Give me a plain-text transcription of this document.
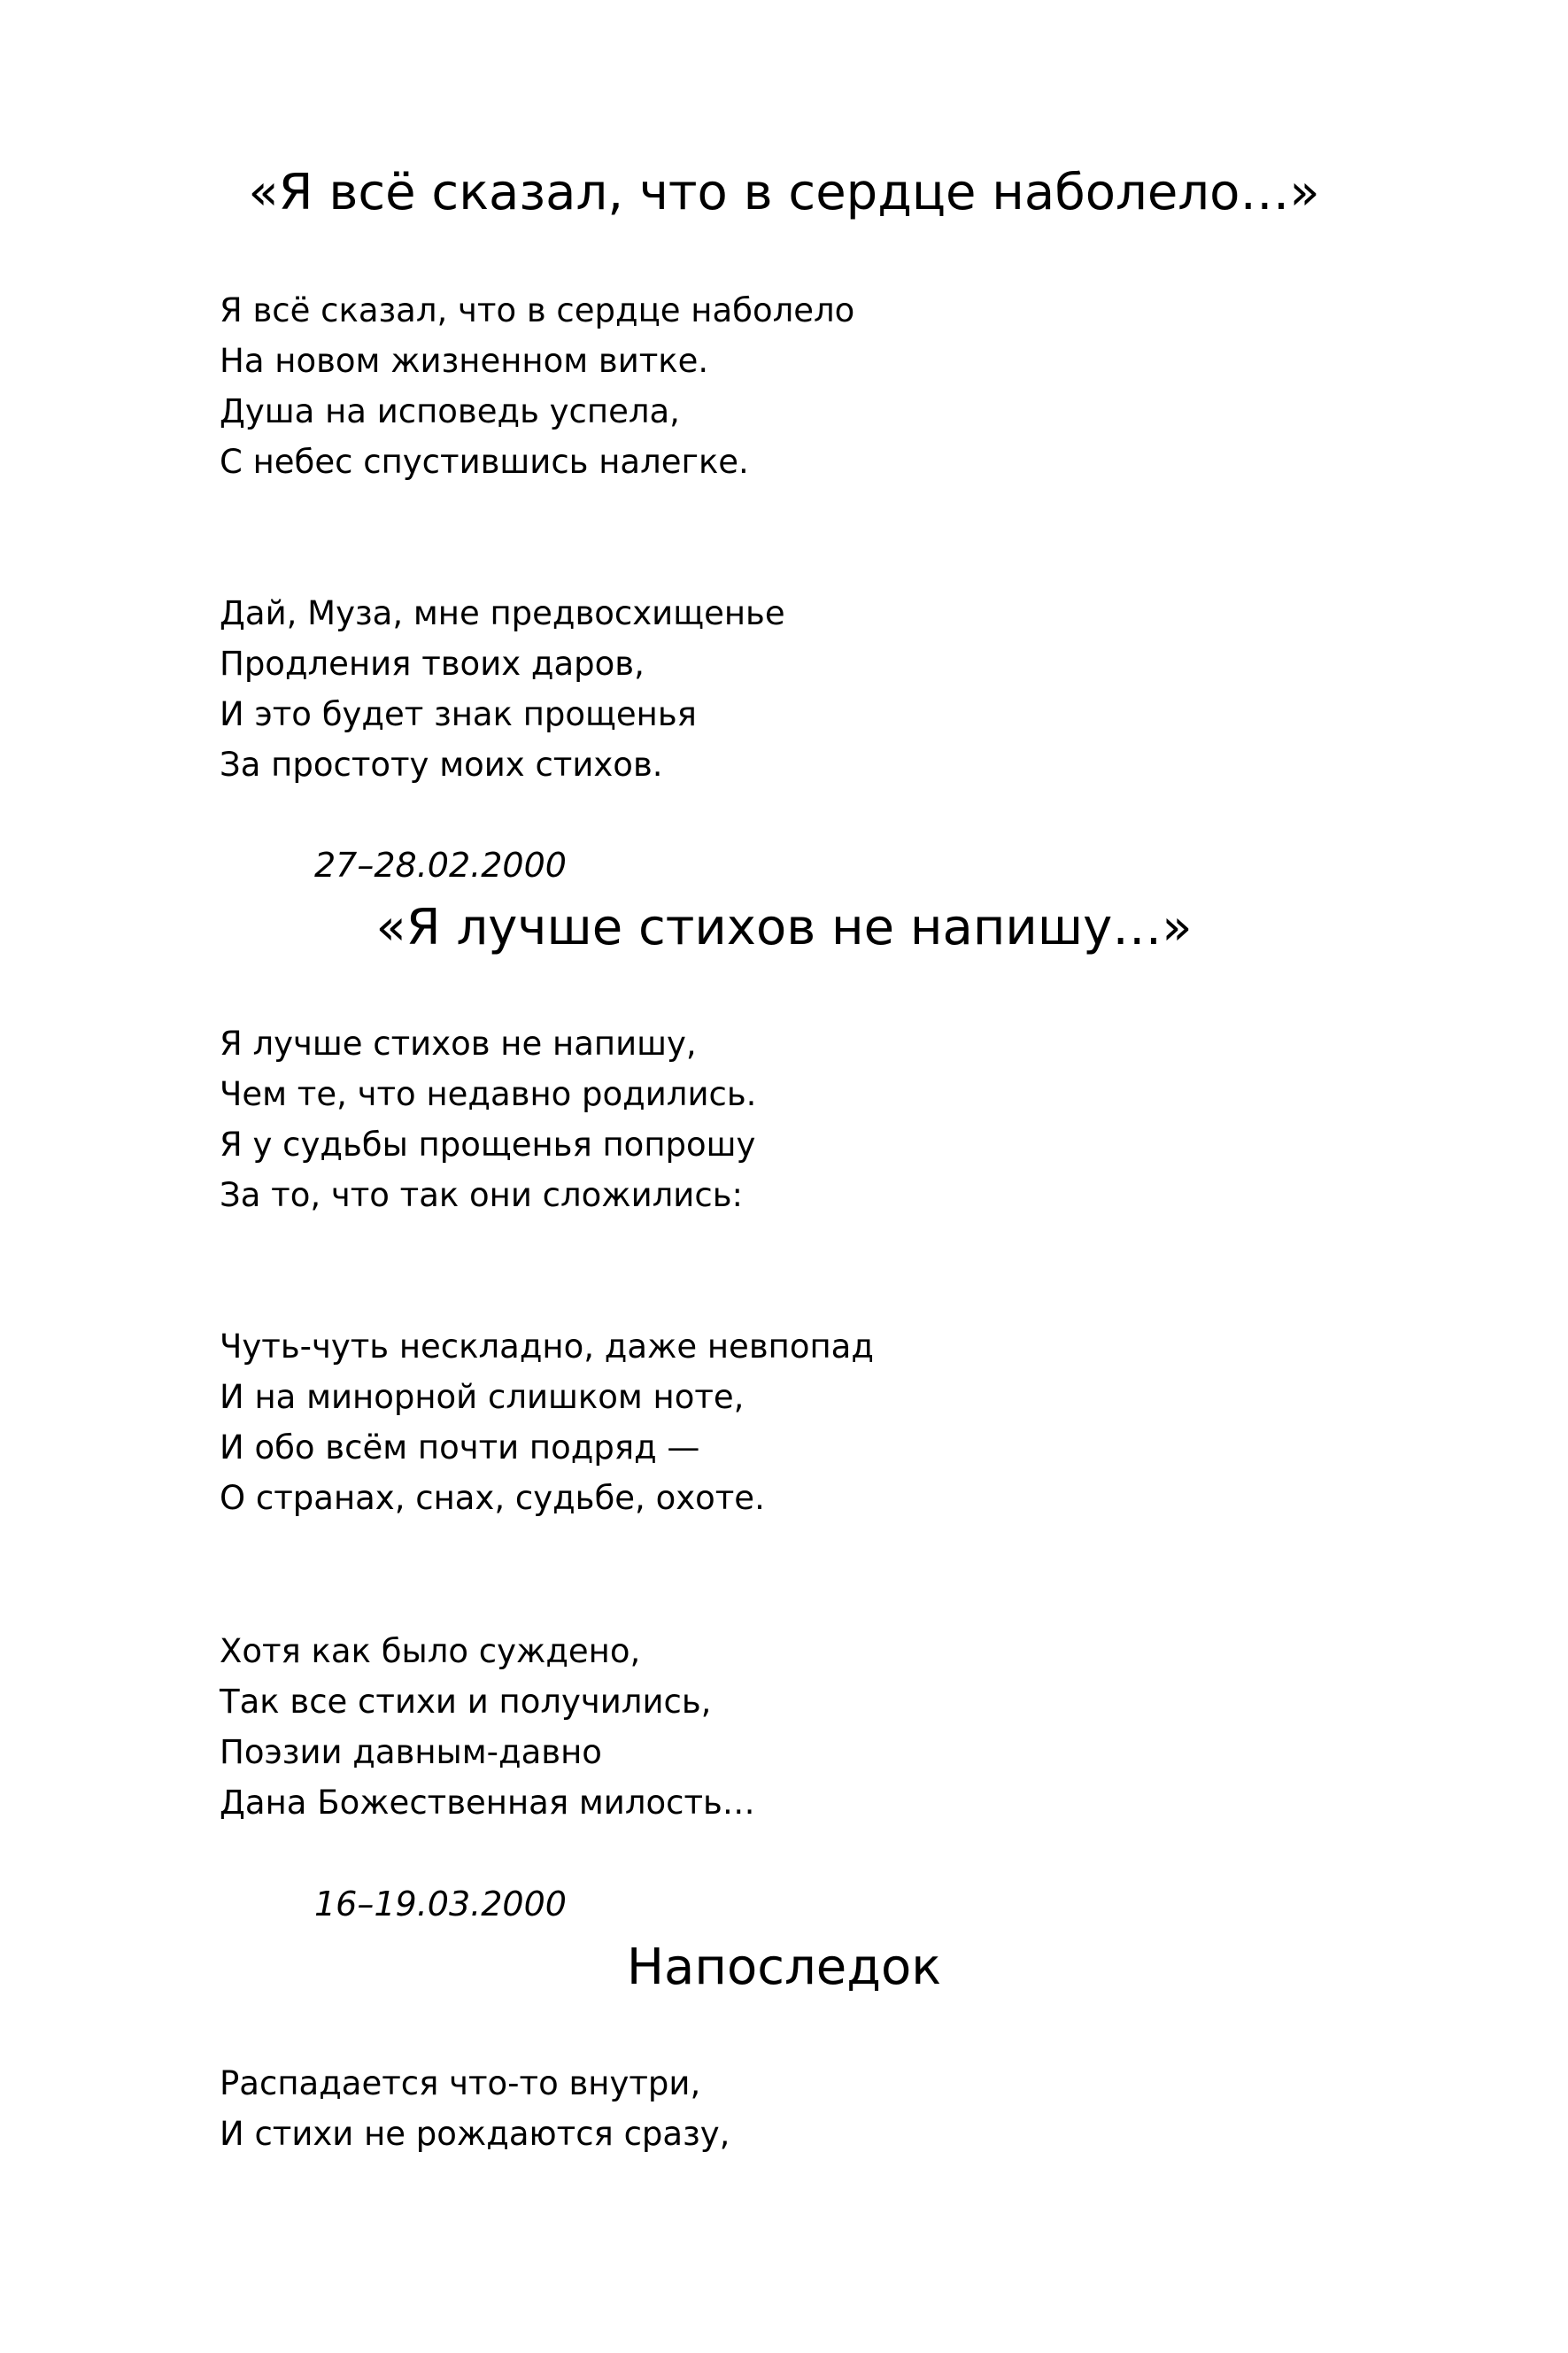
«Я всё сказал, что в сердце наболело…»
Я всё сказал, что в сердце наболело
На новом жизненном витке.
Душа на исповедь успела,
С небес спустившись налегке.
Дай, Муза, мне предвосхищенье
Продления твоих даров,
И это будет знак прощенья
За простоту моих стихов.
27–28.02.2000
«Я лучше стихов не напишу…»
Я лучше стихов не напишу,
Чем те, что недавно родились.
Я у судьбы прощенья попрошу
За то, что так они сложились:
Чуть-чуть нескладно, даже невпопад
И на минорной слишком ноте,
И обо всём почти подряд —
О странах, снах, судьбе, охоте.
Хотя как было суждено,
Так все стихи и получились,
Поэзии давным-давно
Дана Божественная милость…
16–19.03.2000
Напоследок
Распадается что-то внутри,
И стихи не рождаются сразу,
